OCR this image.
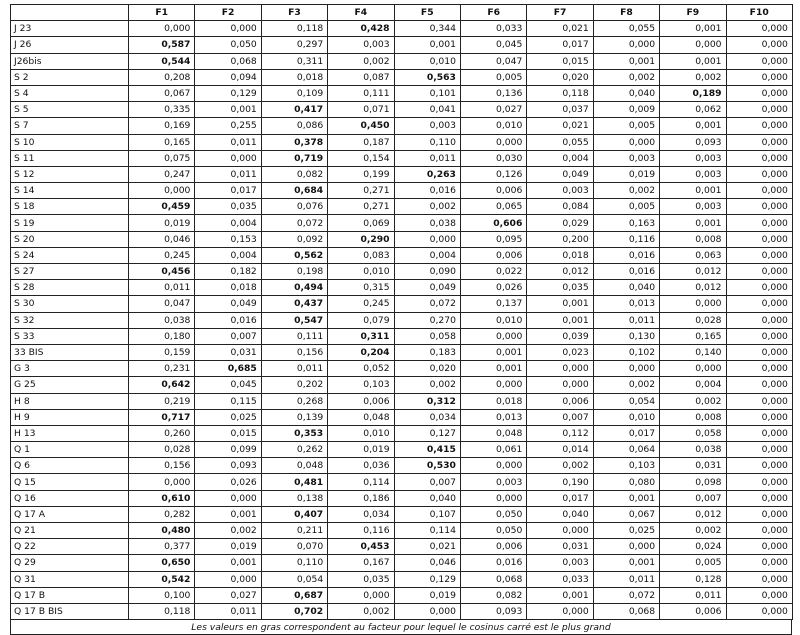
	F1	F2	F3	F4	F5	F6	F7	F8	F9	F10
J 23	0,000	0,000	0,118	0,428	0,344	0,033	0,021	0,055	0,001	0,000
J 26	0,587	0,050	0,297	0,003	0,001	0,045	0,017	0,000	0,000	0,000
J26bis	0,544	0,068	0,311	0,002	0,010	0,047	0,015	0,001	0,001	0,000
S 2	0,208	0,094	0,018	0,087	0,563	0,005	0,020	0,002	0,002	0,000
S 4	0,067	0,129	0,109	0,111	0,101	0,136	0,118	0,040	0,189	0,000
S 5	0,335	0,001	0,417	0,071	0,041	0,027	0,037	0,009	0,062	0,000
S 7	0,169	0,255	0,086	0,450	0,003	0,010	0,021	0,005	0,001	0,000
S 10	0,165	0,011	0,378	0,187	0,110	0,000	0,055	0,000	0,093	0,000
S 11	0,075	0,000	0,719	0,154	0,011	0,030	0,004	0,003	0,003	0,000
S 12	0,247	0,011	0,082	0,199	0,263	0,126	0,049	0,019	0,003	0,000
S 14	0,000	0,017	0,684	0,271	0,016	0,006	0,003	0,002	0,001	0,000
S 18	0,459	0,035	0,076	0,271	0,002	0,065	0,084	0,005	0,003	0,000
S 19	0,019	0,004	0,072	0,069	0,038	0,606	0,029	0,163	0,001	0,000
S 20	0,046	0,153	0,092	0,290	0,000	0,095	0,200	0,116	0,008	0,000
S 24	0,245	0,004	0,562	0,083	0,004	0,006	0,018	0,016	0,063	0,000
S 27	0,456	0,182	0,198	0,010	0,090	0,022	0,012	0,016	0,012	0,000
S 28	0,011	0,018	0,494	0,315	0,049	0,026	0,035	0,040	0,012	0,000
S 30	0,047	0,049	0,437	0,245	0,072	0,137	0,001	0,013	0,000	0,000
S 32	0,038	0,016	0,547	0,079	0,270	0,010	0,001	0,011	0,028	0,000
S 33	0,180	0,007	0,111	0,311	0,058	0,000	0,039	0,130	0,165	0,000
33 BIS	0,159	0,031	0,156	0,204	0,183	0,001	0,023	0,102	0,140	0,000
G 3	0,231	0,685	0,011	0,052	0,020	0,001	0,000	0,000	0,000	0,000
G 25	0,642	0,045	0,202	0,103	0,002	0,000	0,000	0,002	0,004	0,000
H 8	0,219	0,115	0,268	0,006	0,312	0,018	0,006	0,054	0,002	0,000
H 9	0,717	0,025	0,139	0,048	0,034	0,013	0,007	0,010	0,008	0,000
H 13	0,260	0,015	0,353	0,010	0,127	0,048	0,112	0,017	0,058	0,000
Q 1	0,028	0,099	0,262	0,019	0,415	0,061	0,014	0,064	0,038	0,000
Q 6	0,156	0,093	0,048	0,036	0,530	0,000	0,002	0,103	0,031	0,000
Q 15	0,000	0,026	0,481	0,114	0,007	0,003	0,190	0,080	0,098	0,000
Q 16	0,610	0,000	0,138	0,186	0,040	0,000	0,017	0,001	0,007	0,000
Q 17 A	0,282	0,001	0,407	0,034	0,107	0,050	0,040	0,067	0,012	0,000
Q 21	0,480	0,002	0,211	0,116	0,114	0,050	0,000	0,025	0,002	0,000
Q 22	0,377	0,019	0,070	0,453	0,021	0,006	0,031	0,000	0,024	0,000
Q 29	0,650	0,001	0,110	0,167	0,046	0,016	0,003	0,001	0,005	0,000
Q 31	0,542	0,000	0,054	0,035	0,129	0,068	0,033	0,011	0,128	0,000
Q 17 B	0,100	0,027	0,687	0,000	0,019	0,082	0,001	0,072	0,011	0,000
Q 17 B BIS	0,118	0,011	0,702	0,002	0,000	0,093	0,000	0,068	0,006	0,000
Les valeurs en gras correspondent au facteur pour lequel le cosinus carré est le plus grand
